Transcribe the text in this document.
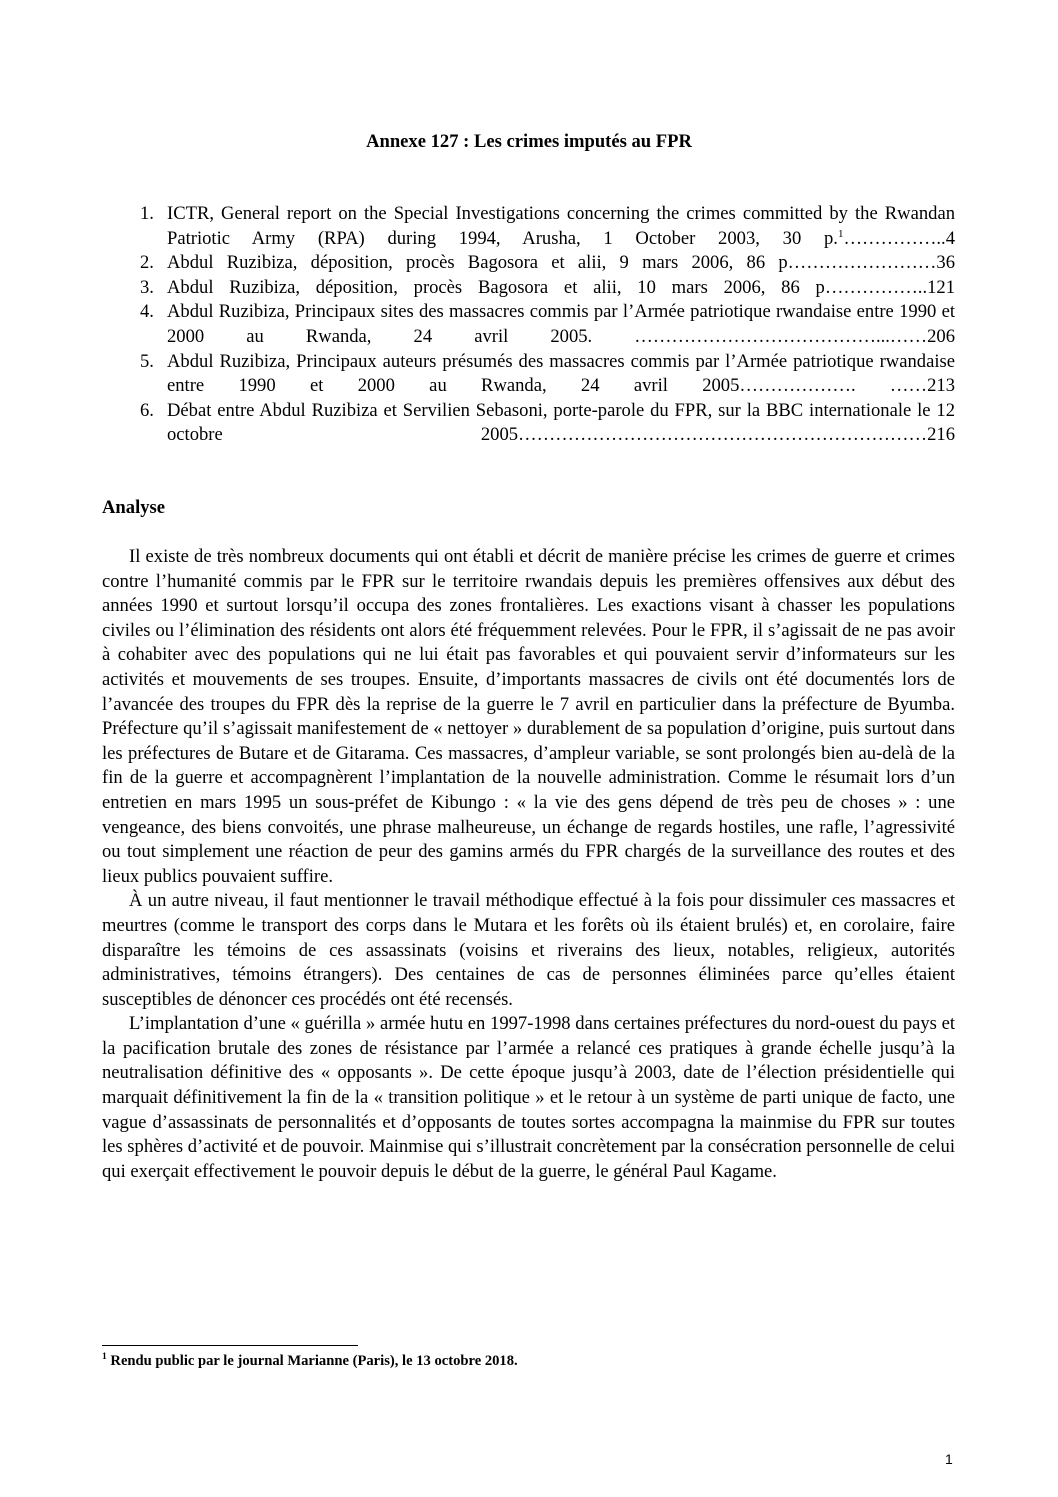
Annexe 127 : Les crimes imputés au FPR
1. ICTR, General report on the Special Investigations concerning the crimes committed by the Rwandan Patriotic Army (RPA) during 1994, Arusha, 1 October 2003, 30 p.$^1$……………..4
2. Abdul Ruzibiza, déposition, procès Bagosora et alii, 9 mars 2006, 86 p……………………36
3. Abdul Ruzibiza, déposition, procès Bagosora et alii, 10 mars 2006, 86 p……………..121
4. Abdul Ruzibiza, Principaux sites des massacres commis par l’Armée patriotique rwandaise entre 1990 et 2000 au Rwanda, 24 avril 2005. …………………………………...……206
5. Abdul Ruzibiza, Principaux auteurs présumés des massacres commis par l’Armée patriotique rwandaise entre 1990 et 2000 au Rwanda, 24 avril 2005………………. ……213
6. Débat entre Abdul Ruzibiza et Servilien Sebasoni, porte-parole du FPR, sur la BBC internationale le 12 octobre 2005…………………………………………………………216
Analyse

Il existe de très nombreux documents qui ont établi et décrit de manière précise les crimes de guerre et crimes contre l’humanité commis par le FPR sur le territoire rwandais depuis les premières offensives aux début des années 1990 et surtout lorsqu’il occupa des zones frontalières. Les exactions visant à chasser les populations civiles ou l’élimination des résidents ont alors été fréquemment relevées. Pour le FPR, il s’agissait de ne pas avoir à cohabiter avec des populations qui ne lui était pas favorables et qui pouvaient servir d’informateurs sur les activités et mouvements de ses troupes. Ensuite, d’importants massacres de civils ont été documentés lors de l’avancée des troupes du FPR dès la reprise de la guerre le 7 avril en particulier dans la préfecture de Byumba. Préfecture qu’il s’agissait manifestement de « nettoyer » durablement de sa population d’origine, puis surtout dans les préfectures de Butare et de Gitarama. Ces massacres, d’ampleur variable, se sont prolongés bien au-delà de la fin de la guerre et accompagnèrent l’implantation de la nouvelle administration. Comme le résumait lors d’un entretien en mars 1995 un sous-préfet de Kibungo : « la vie des gens dépend de très peu de choses » : une vengeance, des biens convoités, une phrase malheureuse, un échange de regards hostiles, une rafle, l’agressivité ou tout simplement une réaction de peur des gamins armés du FPR chargés de la surveillance des routes et des lieux publics pouvaient suffire.

À un autre niveau, il faut mentionner le travail méthodique effectué à la fois pour dissimuler ces massacres et meurtres (comme le transport des corps dans le Mutara et les forêts où ils étaient brulés) et, en corolaire, faire disparaître les témoins de ces assassinats (voisins et riverains des lieux, notables, religieux, autorités administratives, témoins étrangers). Des centaines de cas de personnes éliminées parce qu’elles étaient susceptibles de dénoncer ces procédés ont été recensés.

L’implantation d’une « guérilla » armée hutu en 1997-1998 dans certaines préfectures du nord-ouest du pays et la pacification brutale des zones de résistance par l’armée a relancé ces pratiques à grande échelle jusqu’à la neutralisation définitive des « opposants ». De cette époque jusqu’à 2003, date de l’élection présidentielle qui marquait définitivement la fin de la « transition politique » et le retour à un système de parti unique de facto, une vague d’assassinats de personnalités et d’opposants de toutes sortes accompagna la mainmise du FPR sur toutes les sphères d’activité et de pouvoir. Mainmise qui s’illustrait concrètement par la consécration personnelle de celui qui exerçait effectivement le pouvoir depuis le début de la guerre, le général Paul Kagame.

$^1$ Rendu public par le journal Marianne (Paris), le 13 octobre 2018.
1
